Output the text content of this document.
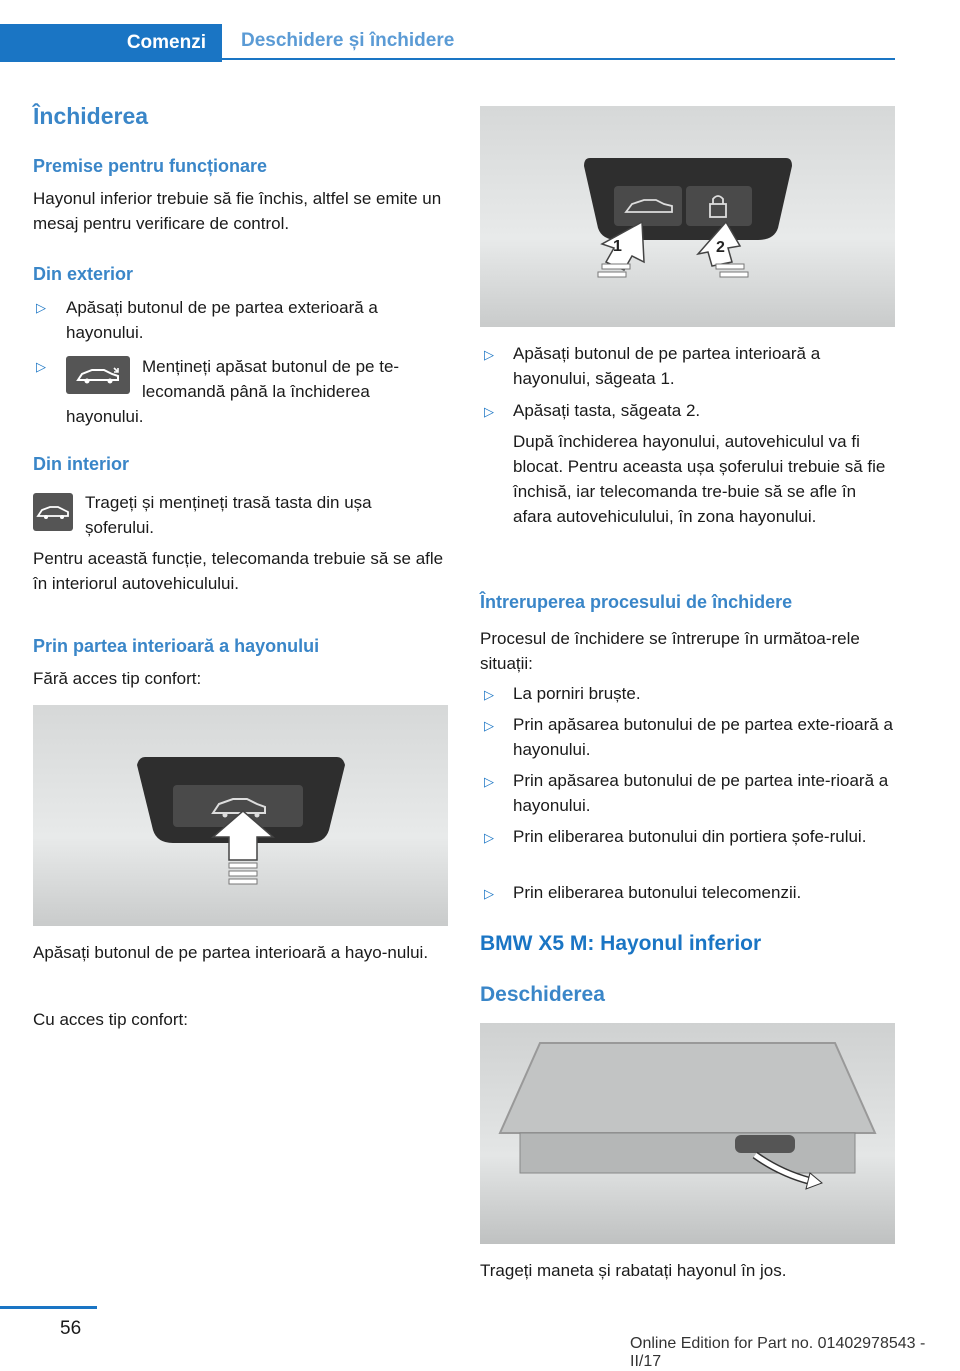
Comenzi	Deschidere și închidere
Închiderea
Premise pentru funcționare

Hayonul inferior trebuie să fie închis, altfel se emite un mesaj pentru verificare de control.

Din exterior
▷ Apăsați butonul de pe partea exterioară a hayonului.

▷	Mențineți apăsat butonul de pe te-

lecomandă până la închiderea

hayonului.

Din interior

Trageți și mențineți trasă tasta din ușa

șoferului.

Pentru această funcție, telecomanda trebuie să se afle în interiorul autovehiculului.

Prin partea interioară a hayonului

Fără acces tip confort:

Apăsați butonul de pe partea interioară a hayo-nului.

Cu acces tip confort:

1	2
▷ Apăsați butonul de pe partea interioară a hayonului, săgeata 1.

▷ Apăsați tasta, săgeata 2.

După închiderea hayonului, autovehiculul va fi blocat. Pentru aceasta ușa șoferului trebuie să fie închisă, iar telecomanda tre-buie să se afle în afara autovehiculului, în zona hayonului.

Întreruperea procesului de închidere

Procesul de închidere se întrerupe în următoa-rele situații:

▷ La porniri bruște.

▷ Prin apăsarea butonului de pe partea exte-rioară a hayonului.

▷ Prin apăsarea butonului de pe partea inte-rioară a hayonului.

▷ Prin eliberarea butonului din portiera șofe-rului.

▷ Prin eliberarea butonului telecomenzii.

BMW X5 M: Hayonul inferior
Deschiderea

Trageți maneta și rabatați hayonul în jos.

56
Online Edition for Part no. 01402978543 - II/17
